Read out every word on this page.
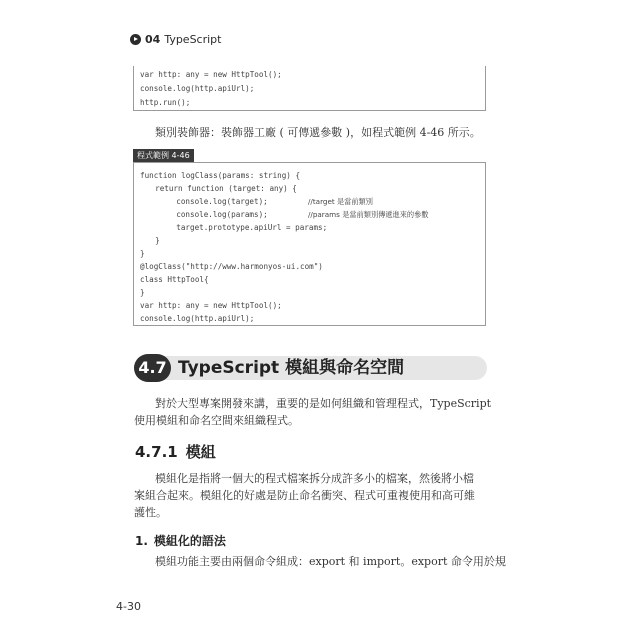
04 TypeScript
var http: any = new HttpTool();
console.log(http.apiUrl);
http.run();
類別裝飾器：裝飾器工廠 ( 可傳遞參數 )，如程式範例 4-46 所示。
程式範例 4-46
function logClass(params: string) {
return function (target: any) {
console.log(target);	//target 是當前類別
console.log(params);	//params 是當前類別傳遞進來的參數
target.prototype.apiUrl = params;
}
}
@logClass("http://www.harmonyos-ui.com")
class HttpTool{
}
var http: any = new HttpTool();
console.log(http.apiUrl);
4.7 TypeScript 模組與命名空間
對於大型專案開發來講，重要的是如何組織和管理程式，TypeScript
使用模組和命名空間來組織程式。
4.7.1 模組
模組化是指將一個大的程式檔案拆分成許多小的檔案，然後將小檔
案組合起來。模組化的好處是防止命名衝突、程式可重複使用和高可維
護性。
1. 模組化的語法
模組功能主要由兩個命令組成：export 和 import。export 命令用於規
4-30
